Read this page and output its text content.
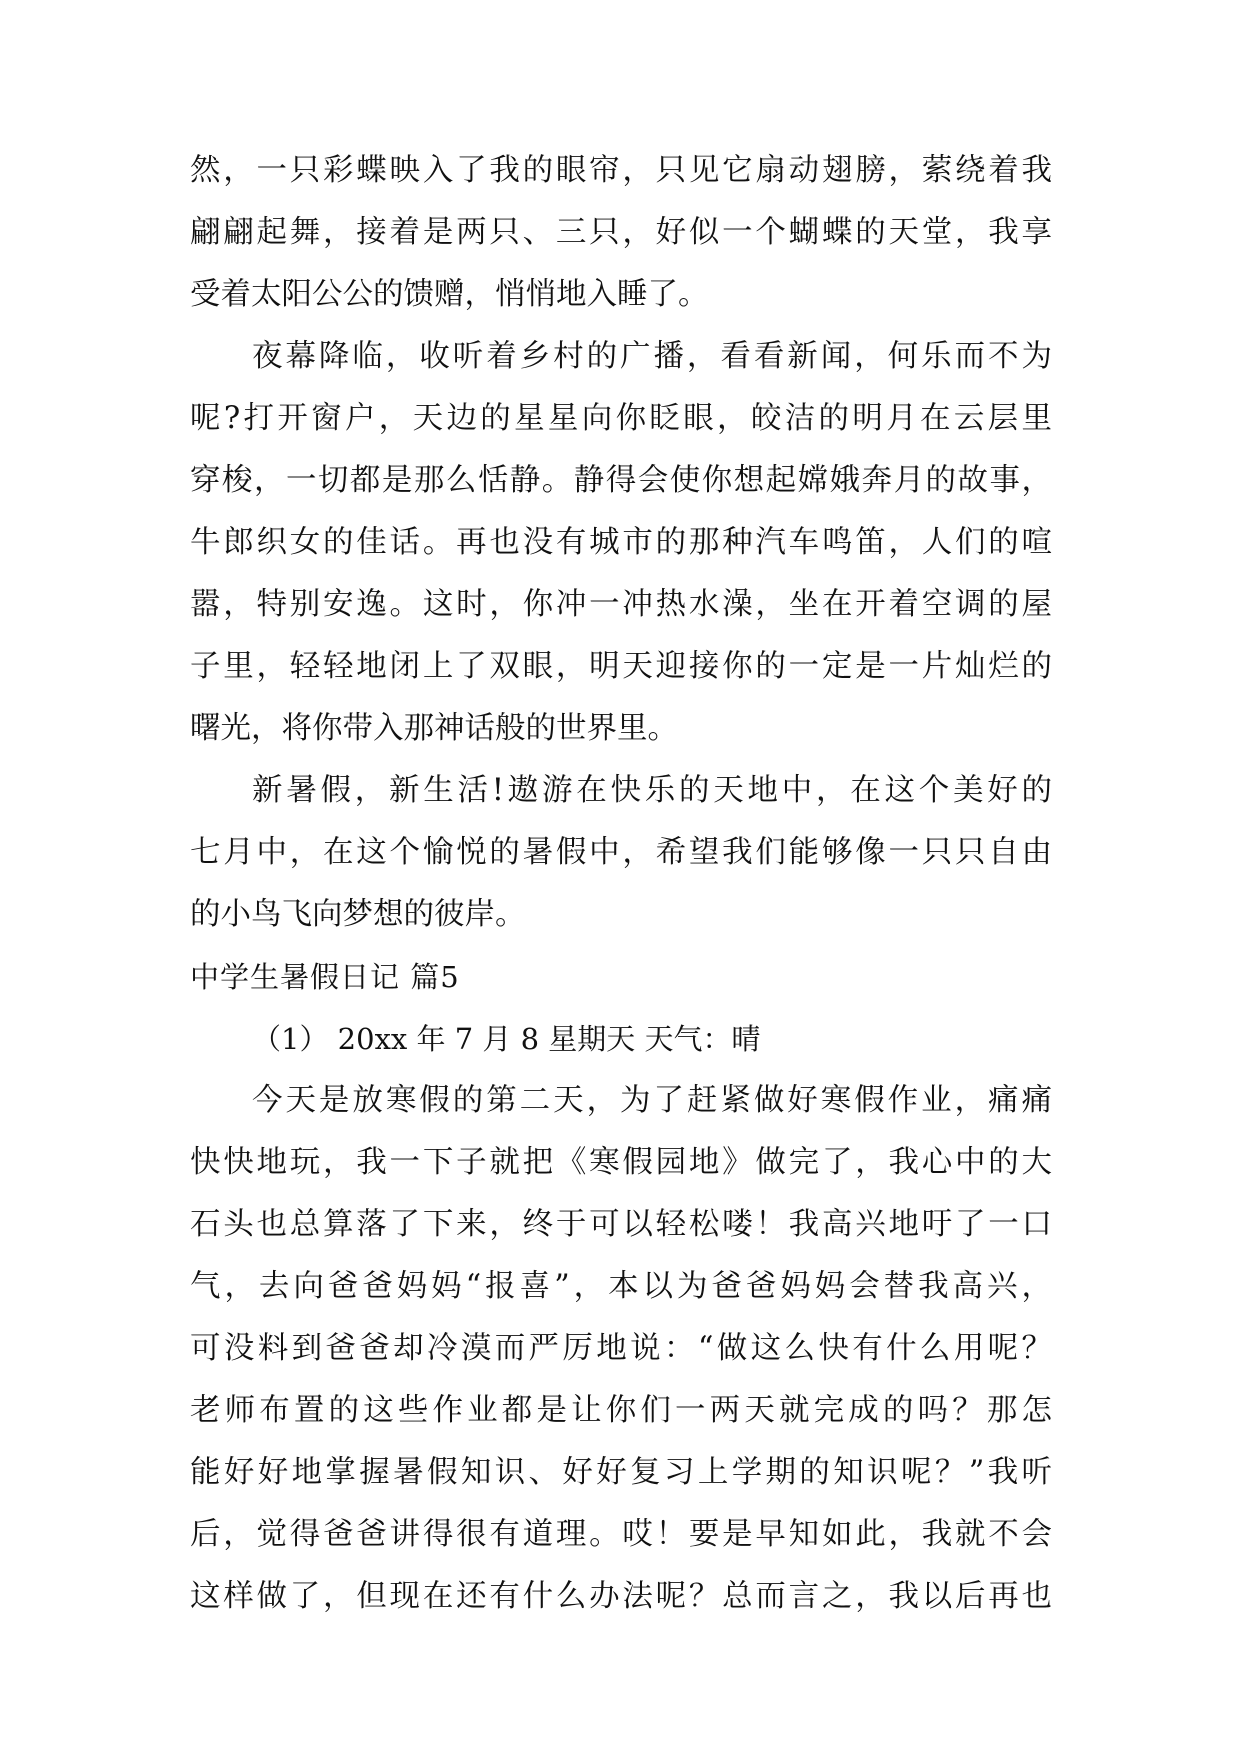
然，一只彩蝶映入了我的眼帘，只见它扇动翅膀，萦绕着我
翩翩起舞，接着是两只、三只，好似一个蝴蝶的天堂，我享
受着太阳公公的馈赠，悄悄地入睡了。
夜幕降临，收听着乡村的广播，看看新闻，何乐而不为
呢?打开窗户，天边的星星向你眨眼，皎洁的明月在云层里
穿梭，一切都是那么恬静。静得会使你想起嫦娥奔月的故事，
牛郎织女的佳话。再也没有城市的那种汽车鸣笛，人们的喧
嚣，特别安逸。这时，你冲一冲热水澡，坐在开着空调的屋
子里，轻轻地闭上了双眼，明天迎接你的一定是一片灿烂的
曙光，将你带入那神话般的世界里。
新暑假，新生活!遨游在快乐的天地中，在这个美好的
七月中，在这个愉悦的暑假中，希望我们能够像一只只自由
的小鸟飞向梦想的彼岸。
中学生暑假日记 篇5
（1） 20xx 年 7 月 8 星期天 天气：晴
今天是放寒假的第二天，为了赶紧做好寒假作业，痛痛
快快地玩，我一下子就把《寒假园地》做完了，我心中的大
石头也总算落了下来，终于可以轻松喽！我高兴地吁了一口
气，去向爸爸妈妈“报喜”，本以为爸爸妈妈会替我高兴，
可没料到爸爸却冷漠而严厉地说：“做这么快有什么用呢？
老师布置的这些作业都是让你们一两天就完成的吗？那怎
能好好地掌握暑假知识、好好复习上学期的知识呢？”我听
后，觉得爸爸讲得很有道理。哎！要是早知如此，我就不会
这样做了，但现在还有什么办法呢？总而言之，我以后再也
